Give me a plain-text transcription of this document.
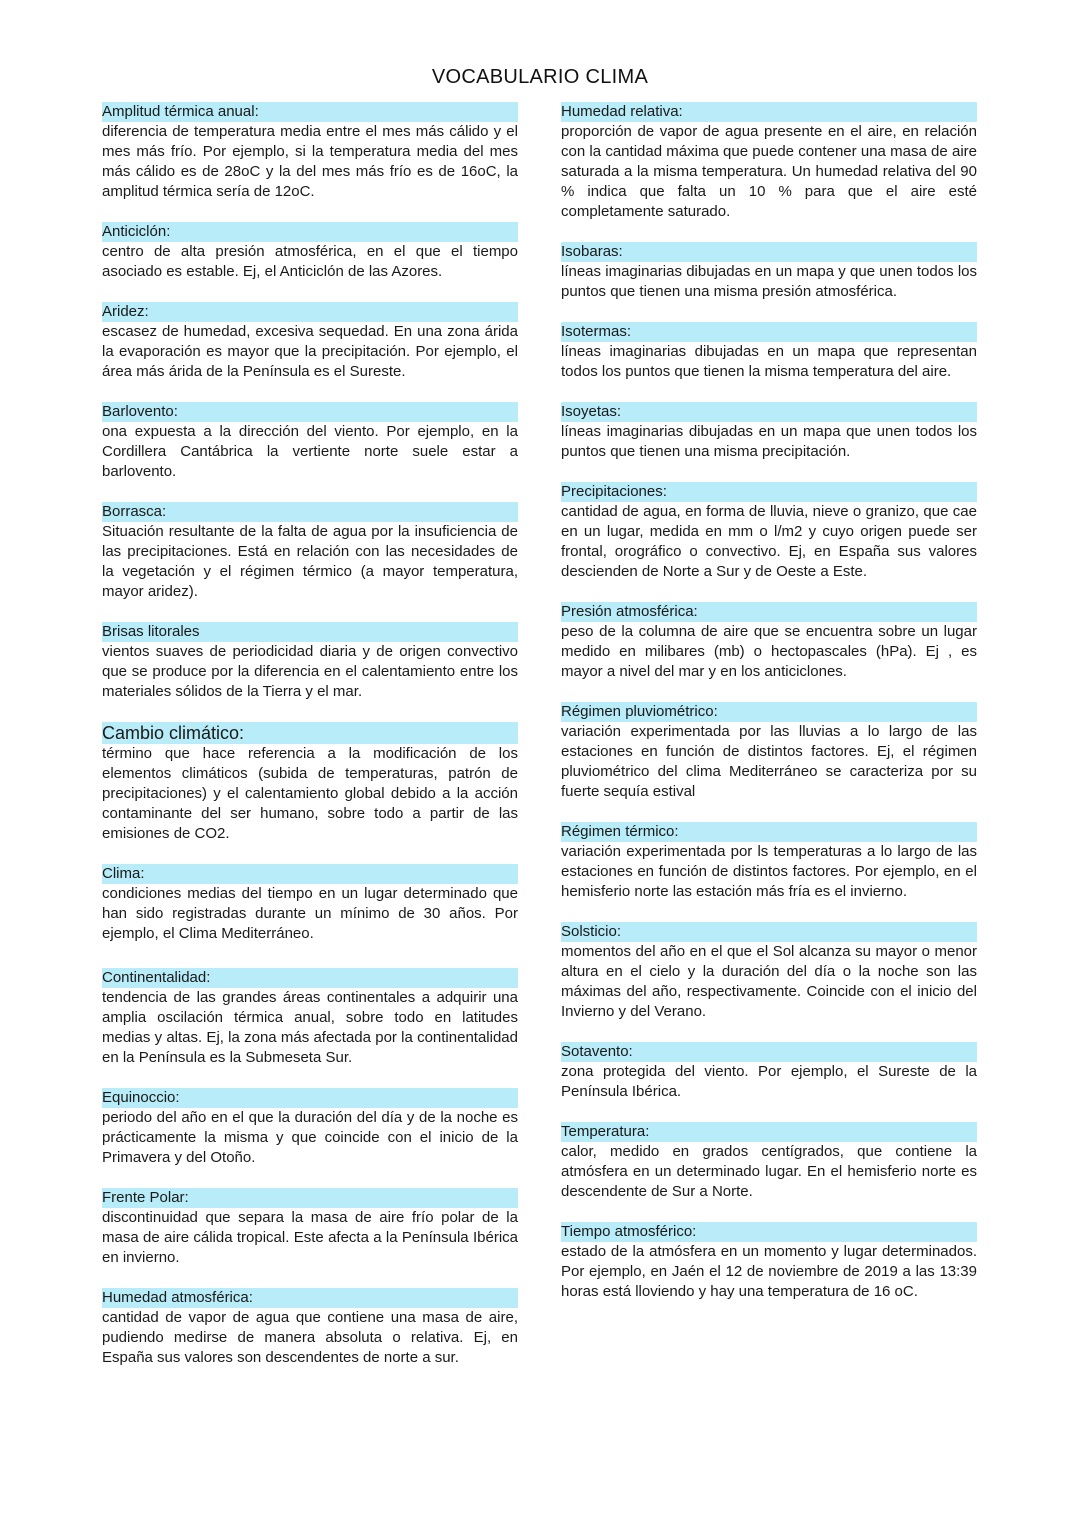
VOCABULARIO CLIMA
Amplitud térmica anual:

diferencia de temperatura media entre el mes más cálido y el mes más frío. Por ejemplo, si la temperatura media del mes más cálido es de 28oC y la del mes más frío es de 16oC, la amplitud térmica sería de 12oC.

Anticiclón:

centro de alta presión atmosférica, en el que el tiempo asociado es estable. Ej, el Anticiclón de las Azores.

Aridez:

escasez de humedad, excesiva sequedad. En una zona árida la evaporación es mayor que la precipitación. Por ejemplo, el área más árida de la Península es el Sureste.

Barlovento:

ona expuesta a la dirección del viento. Por ejemplo, en la Cordillera Cantábrica la vertiente norte suele estar a barlovento.

Borrasca:

Situación resultante de la falta de agua por la insuficiencia de las precipitaciones. Está en relación con las necesidades de la vegetación y el régimen térmico (a mayor temperatura, mayor aridez).

Brisas litorales

vientos suaves de periodicidad diaria y de origen convectivo que se produce por la diferencia en el calentamiento entre los materiales sólidos de la Tierra y el mar.

Cambio climático:

término que hace referencia a la modificación de los elementos climáticos (subida de temperaturas, patrón de precipitaciones) y el calentamiento global debido a la acción contaminante del ser humano, sobre todo a partir de las emisiones de CO2.

Clima:

condiciones medias del tiempo en un lugar determinado que han sido registradas durante un mínimo de 30 años. Por ejemplo, el Clima Mediterráneo.

Continentalidad:

tendencia de las grandes áreas continentales a adquirir una amplia oscilación térmica anual, sobre todo en latitudes medias y altas. Ej, la zona más afectada por la continentalidad en la Península es la Submeseta Sur.

Equinoccio:

periodo del año en el que la duración del día y de la noche es prácticamente la misma y que coincide con el inicio de la Primavera y del Otoño.

Frente Polar:

discontinuidad que separa la masa de aire frío polar de la masa de aire cálida tropical. Este afecta a la Península Ibérica en invierno.

Humedad atmosférica:

cantidad de vapor de agua que contiene una masa de aire, pudiendo medirse de manera absoluta o relativa. Ej, en España sus valores son descendentes de norte a sur.

Humedad relativa:

proporción de vapor de agua presente en el aire, en relación con la cantidad máxima que puede contener una masa de aire saturada a la misma temperatura. Un humedad relativa del 90 % indica que falta un 10 % para que el aire esté completamente saturado.

Isobaras:

líneas imaginarias dibujadas en un mapa y que unen todos los puntos que tienen una misma presión atmosférica.

Isotermas:

líneas imaginarias dibujadas en un mapa que representan todos los puntos que tienen la misma temperatura del aire.

Isoyetas:

líneas imaginarias dibujadas en un mapa que unen todos los puntos que tienen una misma precipitación.

Precipitaciones:

cantidad de agua, en forma de lluvia, nieve o granizo, que cae en un lugar, medida en mm o l/m2 y cuyo origen puede ser frontal, orográfico o convectivo. Ej, en España sus valores descienden de Norte a Sur y de Oeste a Este.

Presión atmosférica:

peso de la columna de aire que se encuentra sobre un lugar medido en milibares (mb) o hectopascales (hPa). Ej , es mayor a nivel del mar y en los anticiclones.

Régimen pluviométrico:

variación experimentada por las lluvias a lo largo de las estaciones en función de distintos factores. Ej, el régimen pluviométrico del clima Mediterráneo se caracteriza por su fuerte sequía estival

Régimen térmico:

variación experimentada por ls temperaturas a lo largo de las estaciones en función de distintos factores. Por ejemplo, en el hemisferio norte las estación más fría es el invierno.

Solsticio:

momentos del año en el que el Sol alcanza su mayor o menor altura en el cielo y la duración del día o la noche son las máximas del año, respectivamente. Coincide con el inicio del Invierno y del Verano.

Sotavento:

zona protegida del viento. Por ejemplo, el Sureste de la Península Ibérica.

Temperatura:

calor, medido en grados centígrados, que contiene la atmósfera en un determinado lugar. En el hemisferio norte es descendente de Sur a Norte.

Tiempo atmosférico:

estado de la atmósfera en un momento y lugar determinados. Por ejemplo, en Jaén el 12 de noviembre de 2019 a las 13:39 horas está lloviendo y hay una temperatura de 16 oC.
